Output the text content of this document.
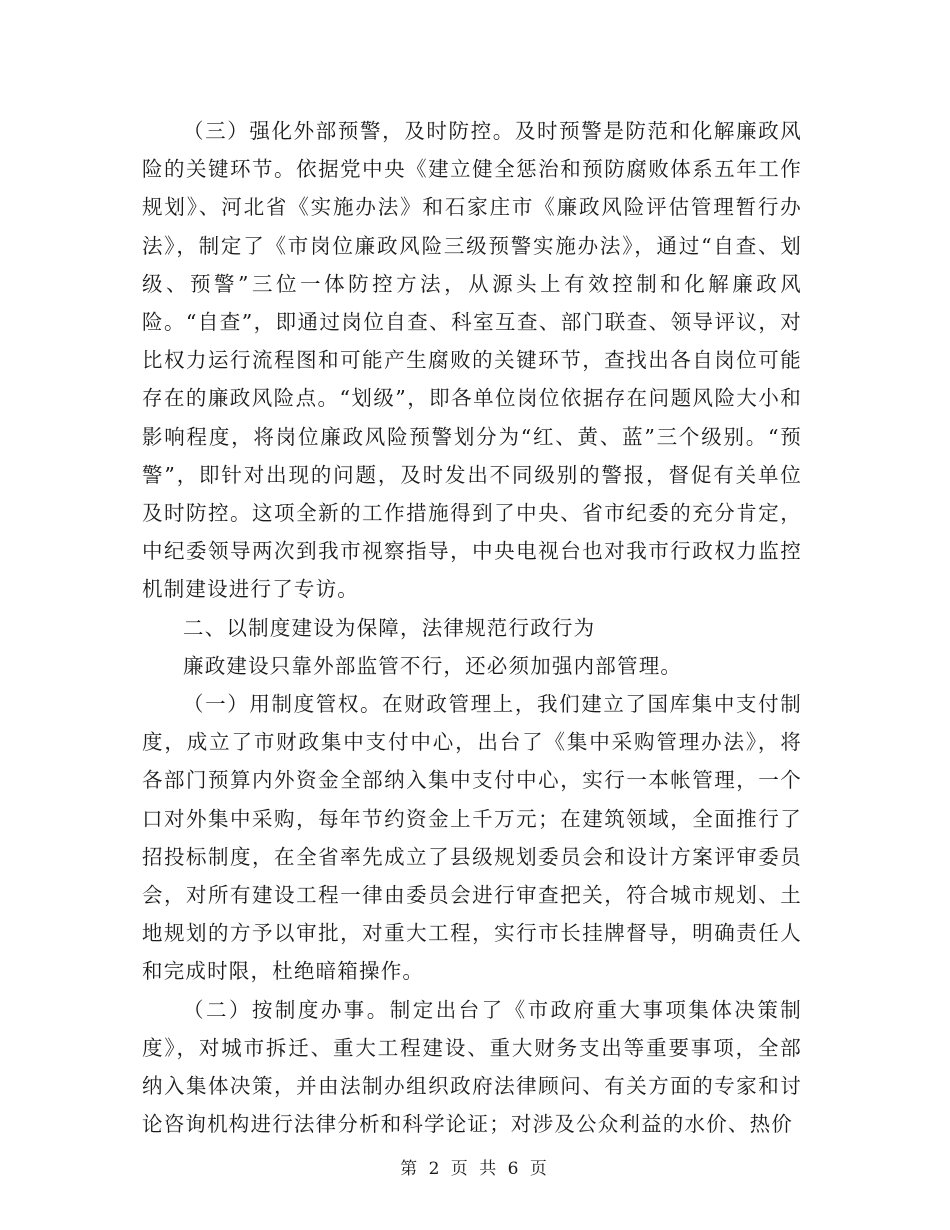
（三）强化外部预警，及时防控。及时预警是防范和化解廉政风险的关键环节。依据党中央《建立健全惩治和预防腐败体系五年工作规划》、河北省《实施办法》和石家庄市《廉政风险评估管理暂行办法》，制定了《市岗位廉政风险三级预警实施办法》，通过“自查、划级、预警”三位一体防控方法，从源头上有效控制和化解廉政风险。“自查”，即通过岗位自查、科室互查、部门联查、领导评议，对比权力运行流程图和可能产生腐败的关键环节，查找出各自岗位可能存在的廉政风险点。“划级”，即各单位岗位依据存在问题风险大小和影响程度，将岗位廉政风险预警划分为“红、黄、蓝”三个级别。“预警”，即针对出现的问题，及时发出不同级别的警报，督促有关单位及时防控。这项全新的工作措施得到了中央、省市纪委的充分肯定，中纪委领导两次到我市视察指导，中央电视台也对我市行政权力监控机制建设进行了专访。

二、以制度建设为保障，法律规范行政行为

廉政建设只靠外部监管不行，还必须加强内部管理。

（一）用制度管权。在财政管理上，我们建立了国库集中支付制度，成立了市财政集中支付中心，出台了《集中采购管理办法》，将各部门预算内外资金全部纳入集中支付中心，实行一本帐管理，一个口对外集中采购，每年节约资金上千万元；在建筑领域，全面推行了招投标制度，在全省率先成立了县级规划委员会和设计方案评审委员会，对所有建设工程一律由委员会进行审查把关，符合城市规划、土地规划的方予以审批，对重大工程，实行市长挂牌督导，明确责任人和完成时限，杜绝暗箱操作。

（二）按制度办事。制定出台了《市政府重大事项集体决策制度》，对城市拆迁、重大工程建设、重大财务支出等重要事项，全部纳入集体决策，并由法制办组织政府法律顾问、有关方面的专家和讨论咨询机构进行法律分析和科学论证；对涉及公众利益的水价、热价

第 2 页 共 6 页
